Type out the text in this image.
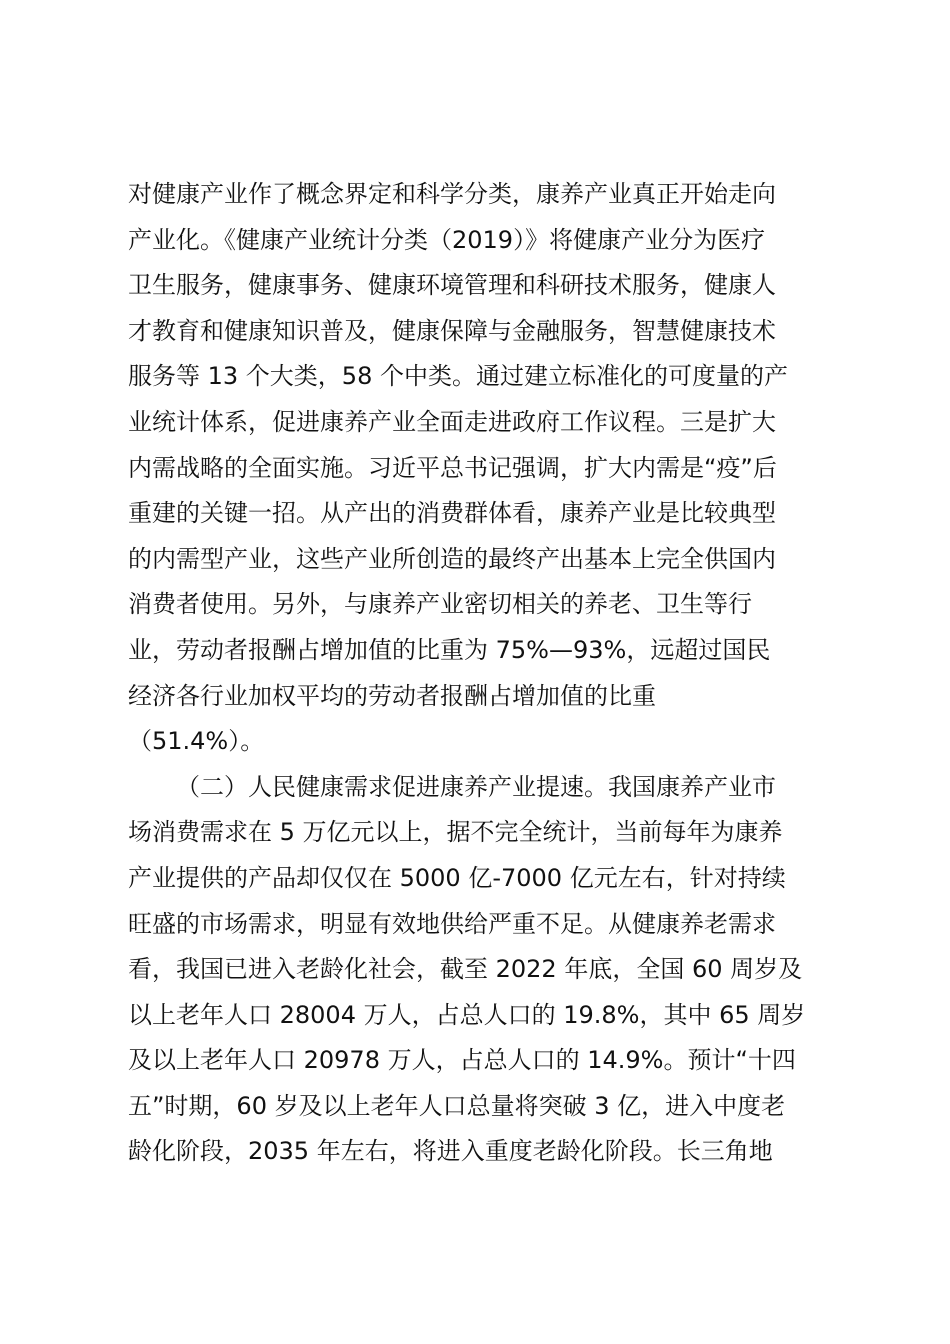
对健康产业作了概念界定和科学分类，康养产业真正开始走向
产业化。《健康产业统计分类（2019）》将健康产业分为医疗
卫生服务，健康事务、健康环境管理和科研技术服务，健康人
才教育和健康知识普及，健康保障与金融服务，智慧健康技术
服务等 13 个大类，58 个中类。通过建立标准化的可度量的产
业统计体系，促进康养产业全面走进政府工作议程。三是扩大
内需战略的全面实施。习近平总书记强调，扩大内需是“疫”后
重建的关键一招。从产出的消费群体看，康养产业是比较典型
的内需型产业，这些产业所创造的最终产出基本上完全供国内
消费者使用。另外，与康养产业密切相关的养老、卫生等行
业，劳动者报酬占增加值的比重为 75%—93%，远超过国民
经济各行业加权平均的劳动者报酬占增加值的比重
（51.4%）。
（二）人民健康需求促进康养产业提速。我国康养产业市
场消费需求在 5 万亿元以上，据不完全统计，当前每年为康养
产业提供的产品却仅仅在 5000 亿-7000 亿元左右，针对持续
旺盛的市场需求，明显有效地供给严重不足。从健康养老需求
看，我国已进入老龄化社会，截至 2022 年底，全国 60 周岁及
以上老年人口 28004 万人，占总人口的 19.8%，其中 65 周岁
及以上老年人口 20978 万人，占总人口的 14.9%。预计“十四
五”时期，60 岁及以上老年人口总量将突破 3 亿，进入中度老
龄化阶段，2035 年左右，将进入重度老龄化阶段。长三角地
